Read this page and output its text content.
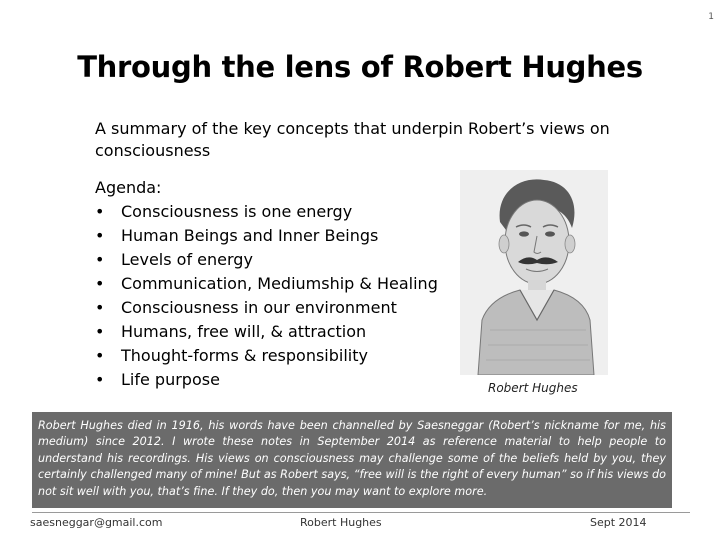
1
Through the lens of Robert Hughes
A summary of the key concepts that underpin Robert’s views on consciousness
Agenda:
•	Consciousness is one energy
•	Human Beings and Inner Beings
•	Levels of energy
•	Communication, Mediumship & Healing
•	Consciousness in our environment
•	Humans, free will, & attraction
•	Thought-forms & responsibility
•	Life purpose	Robert Hughes
Robert Hughes died in 1916, his words have been channelled by Saesneggar (Robert’s nickname for me, his medium) since 2012. I wrote these notes in September 2014 as reference material to help people to understand his recordings. His views on consciousness may challenge some of the beliefs held by you, they certainly challenged many of mine! But as Robert says, “free will is the right of every human” so if his views do not sit well with you, that’s fine. If they do, then you may want to explore more.
saesneggar@gmail.com	Robert Hughes	Sept 2014
